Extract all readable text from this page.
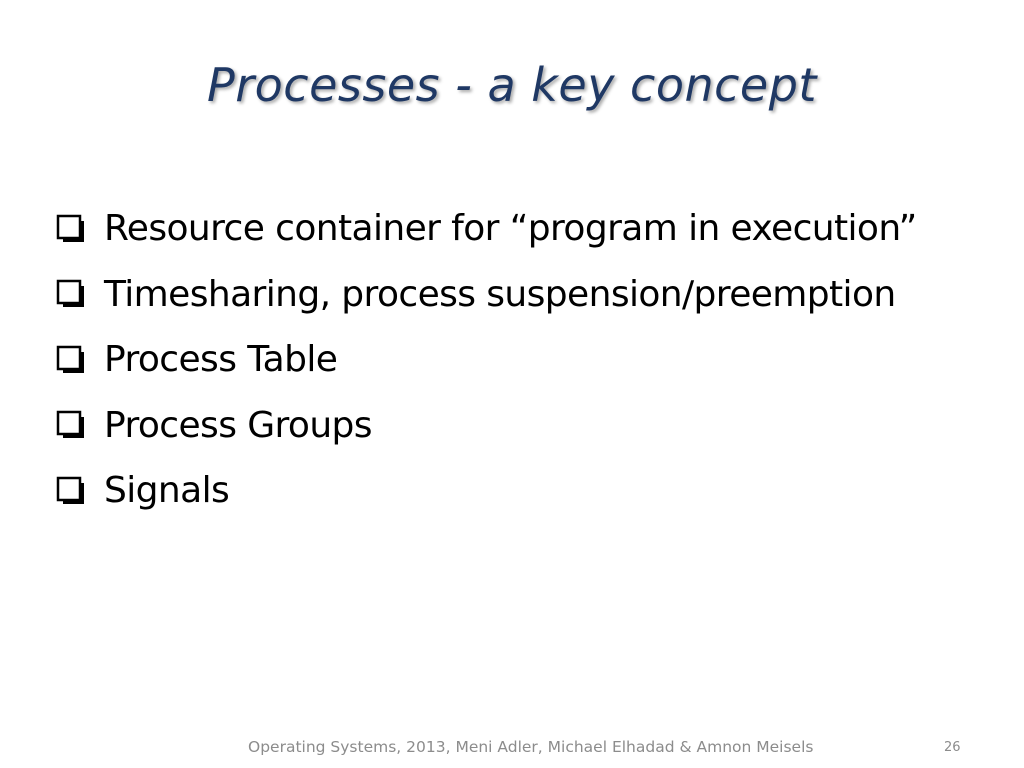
Processes - a key concept
Resource container for “program in execution”
Timesharing, process suspension/preemption
Process Table
Process Groups
Signals
Operating Systems, 2013, Meni Adler, Michael Elhadad & Amnon Meisels	26
